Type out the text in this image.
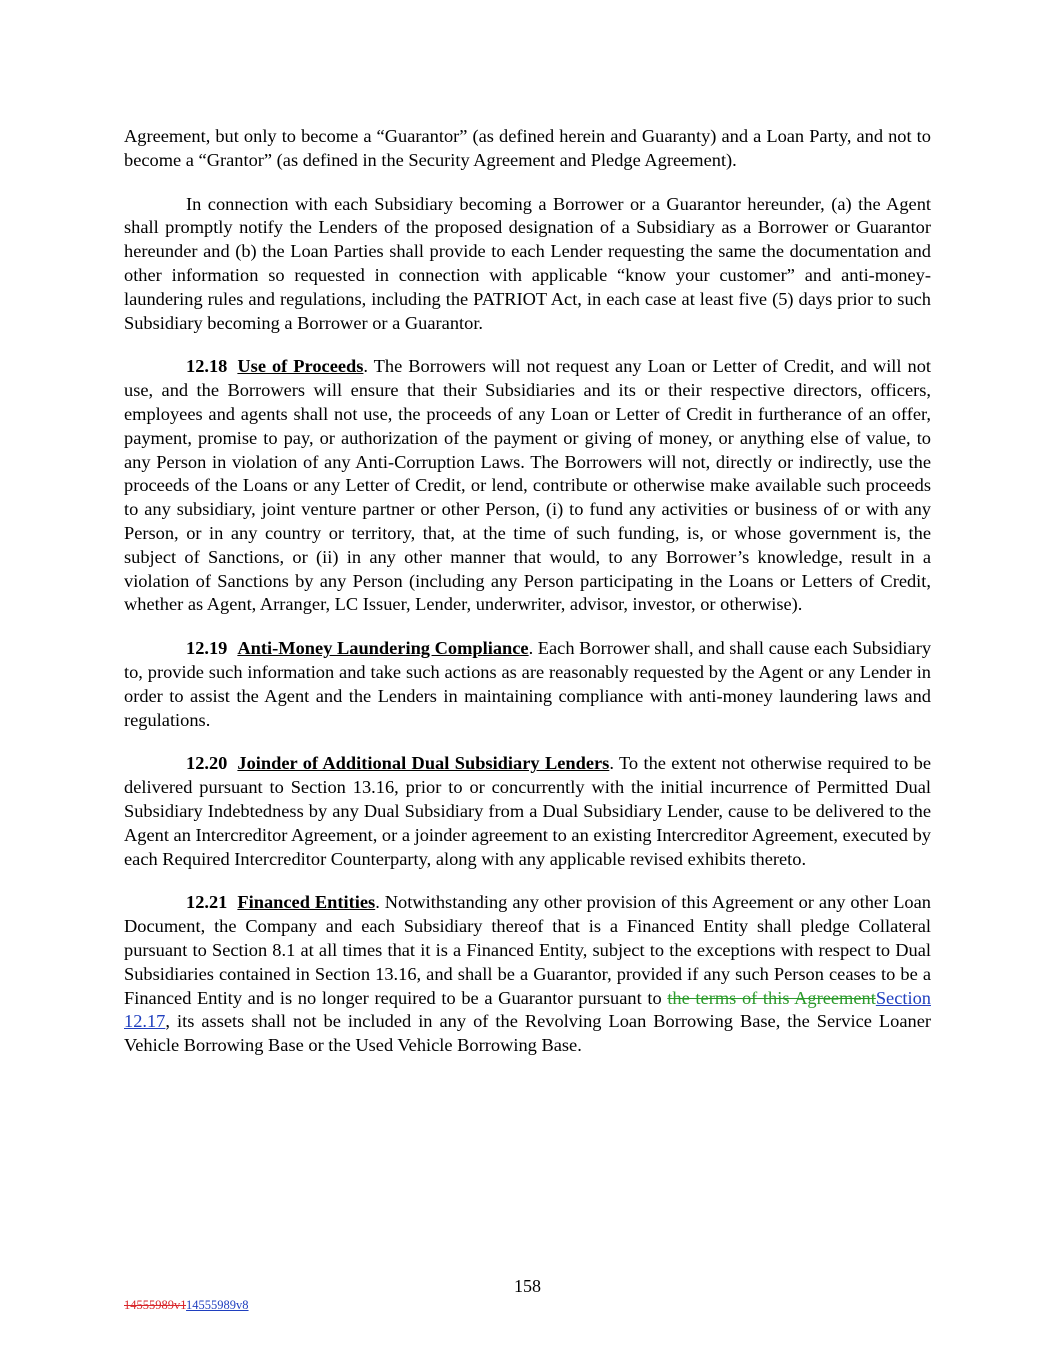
Agreement, but only to become a “Guarantor” (as defined herein and Guaranty) and a Loan Party, and not to become a “Grantor” (as defined in the Security Agreement and Pledge Agreement).

In connection with each Subsidiary becoming a Borrower or a Guarantor hereunder, (a) the Agent shall promptly notify the Lenders of the proposed designation of a Subsidiary as a Borrower or Guarantor hereunder and (b) the Loan Parties shall provide to each Lender requesting the same the documentation and other information so requested in connection with applicable “know your customer” and anti-money-laundering rules and regulations, including the PATRIOT Act, in each case at least five (5) days prior to such Subsidiary becoming a Borrower or a Guarantor.

12.18 Use of Proceeds. The Borrowers will not request any Loan or Letter of Credit, and will not use, and the Borrowers will ensure that their Subsidiaries and its or their respective directors, officers, employees and agents shall not use, the proceeds of any Loan or Letter of Credit in furtherance of an offer, payment, promise to pay, or authorization of the payment or giving of money, or anything else of value, to any Person in violation of any Anti-Corruption Laws. The Borrowers will not, directly or indirectly, use the proceeds of the Loans or any Letter of Credit, or lend, contribute or otherwise make available such proceeds to any subsidiary, joint venture partner or other Person, (i) to fund any activities or business of or with any Person, or in any country or territory, that, at the time of such funding, is, or whose government is, the subject of Sanctions, or (ii) in any other manner that would, to any Borrower’s knowledge, result in a violation of Sanctions by any Person (including any Person participating in the Loans or Letters of Credit, whether as Agent, Arranger, LC Issuer, Lender, underwriter, advisor, investor, or otherwise).

12.19 Anti-Money Laundering Compliance. Each Borrower shall, and shall cause each Subsidiary to, provide such information and take such actions as are reasonably requested by the Agent or any Lender in order to assist the Agent and the Lenders in maintaining compliance with anti-money laundering laws and regulations.

12.20 Joinder of Additional Dual Subsidiary Lenders. To the extent not otherwise required to be delivered pursuant to Section 13.16, prior to or concurrently with the initial incurrence of Permitted Dual Subsidiary Indebtedness by any Dual Subsidiary from a Dual Subsidiary Lender, cause to be delivered to the Agent an Intercreditor Agreement, or a joinder agreement to an existing Intercreditor Agreement, executed by each Required Intercreditor Counterparty, along with any applicable revised exhibits thereto.

12.21 Financed Entities. Notwithstanding any other provision of this Agreement or any other Loan Document, the Company and each Subsidiary thereof that is a Financed Entity shall pledge Collateral pursuant to Section 8.1 at all times that it is a Financed Entity, subject to the exceptions with respect to Dual Subsidiaries contained in Section 13.16, and shall be a Guarantor, provided if any such Person ceases to be a Financed Entity and is no longer required to be a Guarantor pursuant to the terms of this AgreementSection 12.17, its assets shall not be included in any of the Revolving Loan Borrowing Base, the Service Loaner Vehicle Borrowing Base or the Used Vehicle Borrowing Base.

158
14555989v114555989v8
